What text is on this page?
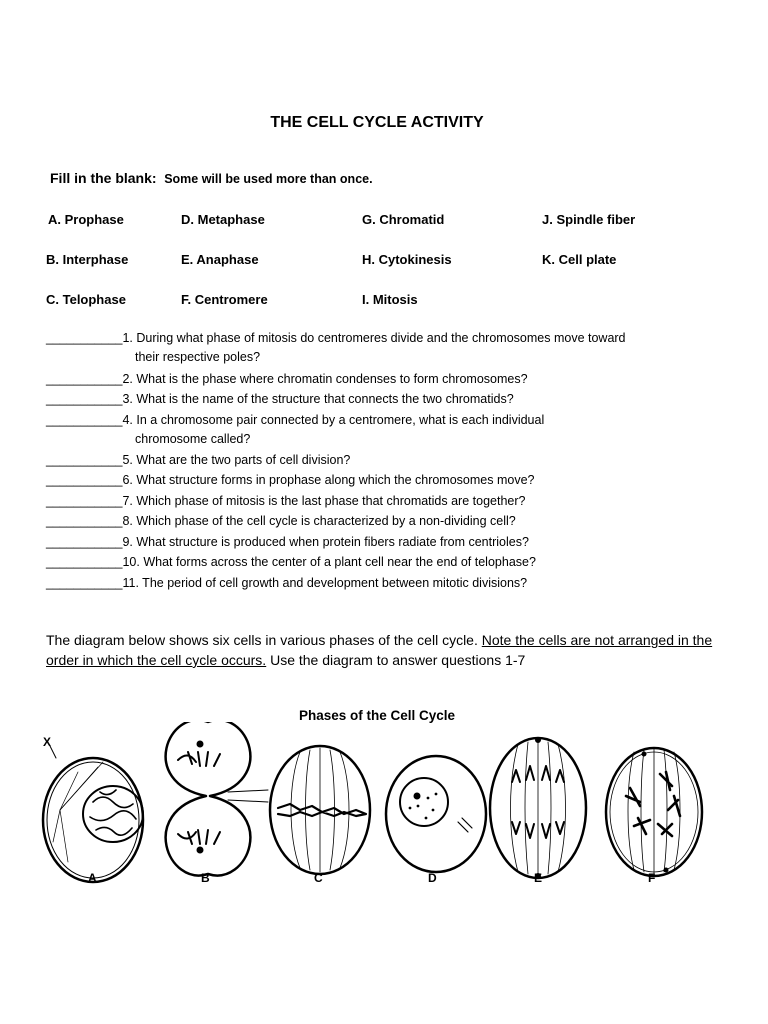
THE CELL CYCLE ACTIVITY
Fill in the blank: Some will be used more than once.
A. Prophase	D. Metaphase	G. Chromatid	J. Spindle fiber
B. Interphase	E. Anaphase	H. Cytokinesis	K. Cell plate
C. Telophase	F. Centromere	I. Mitosis
___________1. During what phase of mitosis do centromeres divide and the chromosomes move toward
their respective poles?
___________2. What is the phase where chromatin condenses to form chromosomes?
___________3. What is the name of the structure that connects the two chromatids?
___________4. In a chromosome pair connected by a centromere, what is each individual
chromosome called?
___________5. What are the two parts of cell division?
___________6. What structure forms in prophase along which the chromosomes move?
___________7. Which phase of mitosis is the last phase that chromatids are together?
___________8. Which phase of the cell cycle is characterized by a non-dividing cell?
___________9. What structure is produced when protein fibers radiate from centrioles?
___________10. What forms across the center of a plant cell near the end of telophase?
___________11. The period of cell growth and development between mitotic divisions?
The diagram below shows six cells in various phases of the cell cycle. Note the cells are not arranged in the order in which the cell cycle occurs. Use the diagram to answer questions 1-7
Phases of the Cell Cycle
X
A	B	C	D	E	F
